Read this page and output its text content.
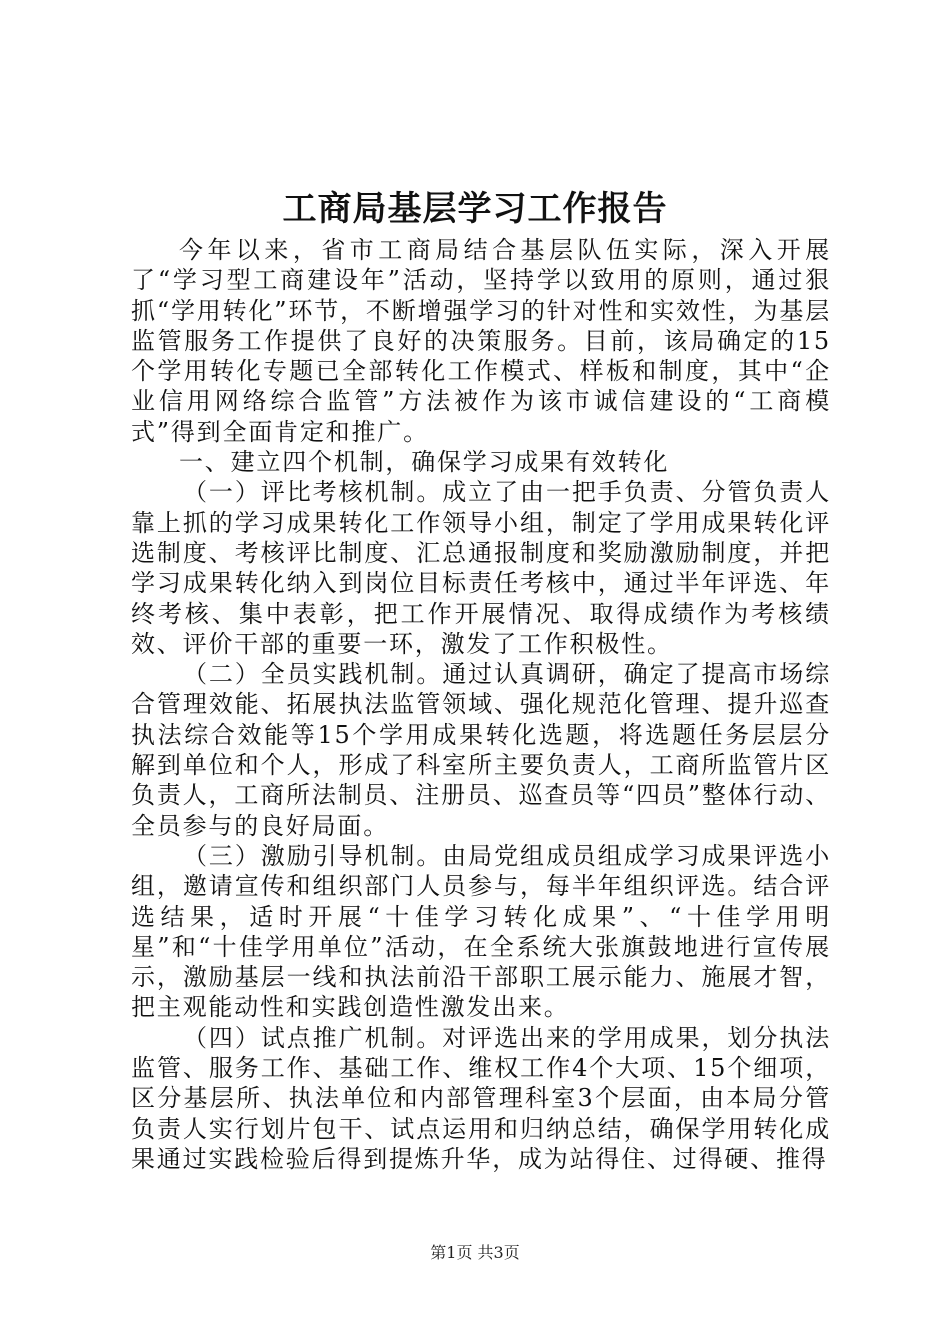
工商局基层学习工作报告

今年以来，省市工商局结合基层队伍实际，深入开展了“学习型工商建设年”活动，坚持学以致用的原则，通过狠抓“学用转化”环节，不断增强学习的针对性和实效性，为基层监管服务工作提供了良好的决策服务。目前，该局确定的15个学用转化专题已全部转化工作模式、样板和制度，其中“企业信用网络综合监管”方法被作为该市诚信建设的“工商模式”得到全面肯定和推广。

一、建立四个机制，确保学习成果有效转化

（一）评比考核机制。成立了由一把手负责、分管负责人靠上抓的学习成果转化工作领导小组，制定了学用成果转化评选制度、考核评比制度、汇总通报制度和奖励激励制度，并把学习成果转化纳入到岗位目标责任考核中，通过半年评选、年终考核、集中表彰，把工作开展情况、取得成绩作为考核绩效、评价干部的重要一环，激发了工作积极性。

（二）全员实践机制。通过认真调研，确定了提高市场综合管理效能、拓展执法监管领域、强化规范化管理、提升巡查执法综合效能等15个学用成果转化选题，将选题任务层层分解到单位和个人，形成了科室所主要负责人，工商所监管片区负责人，工商所法制员、注册员、巡查员等“四员”整体行动、全员参与的良好局面。

（三）激励引导机制。由局党组成员组成学习成果评选小组，邀请宣传和组织部门人员参与，每半年组织评选。结合评选结果，适时开展“十佳学习转化成果”、“十佳学用明星”和“十佳学用单位”活动，在全系统大张旗鼓地进行宣传展示，激励基层一线和执法前沿干部职工展示能力、施展才智，把主观能动性和实践创造性激发出来。

（四）试点推广机制。对评选出来的学用成果，划分执法监管、服务工作、基础工作、维权工作4个大项、15个细项，区分基层所、执法单位和内部管理科室3个层面，由本局分管负责人实行划片包干、试点运用和归纳总结，确保学用转化成果通过实践检验后得到提炼升华，成为站得住、过得硬、推得

第1页 共3页
